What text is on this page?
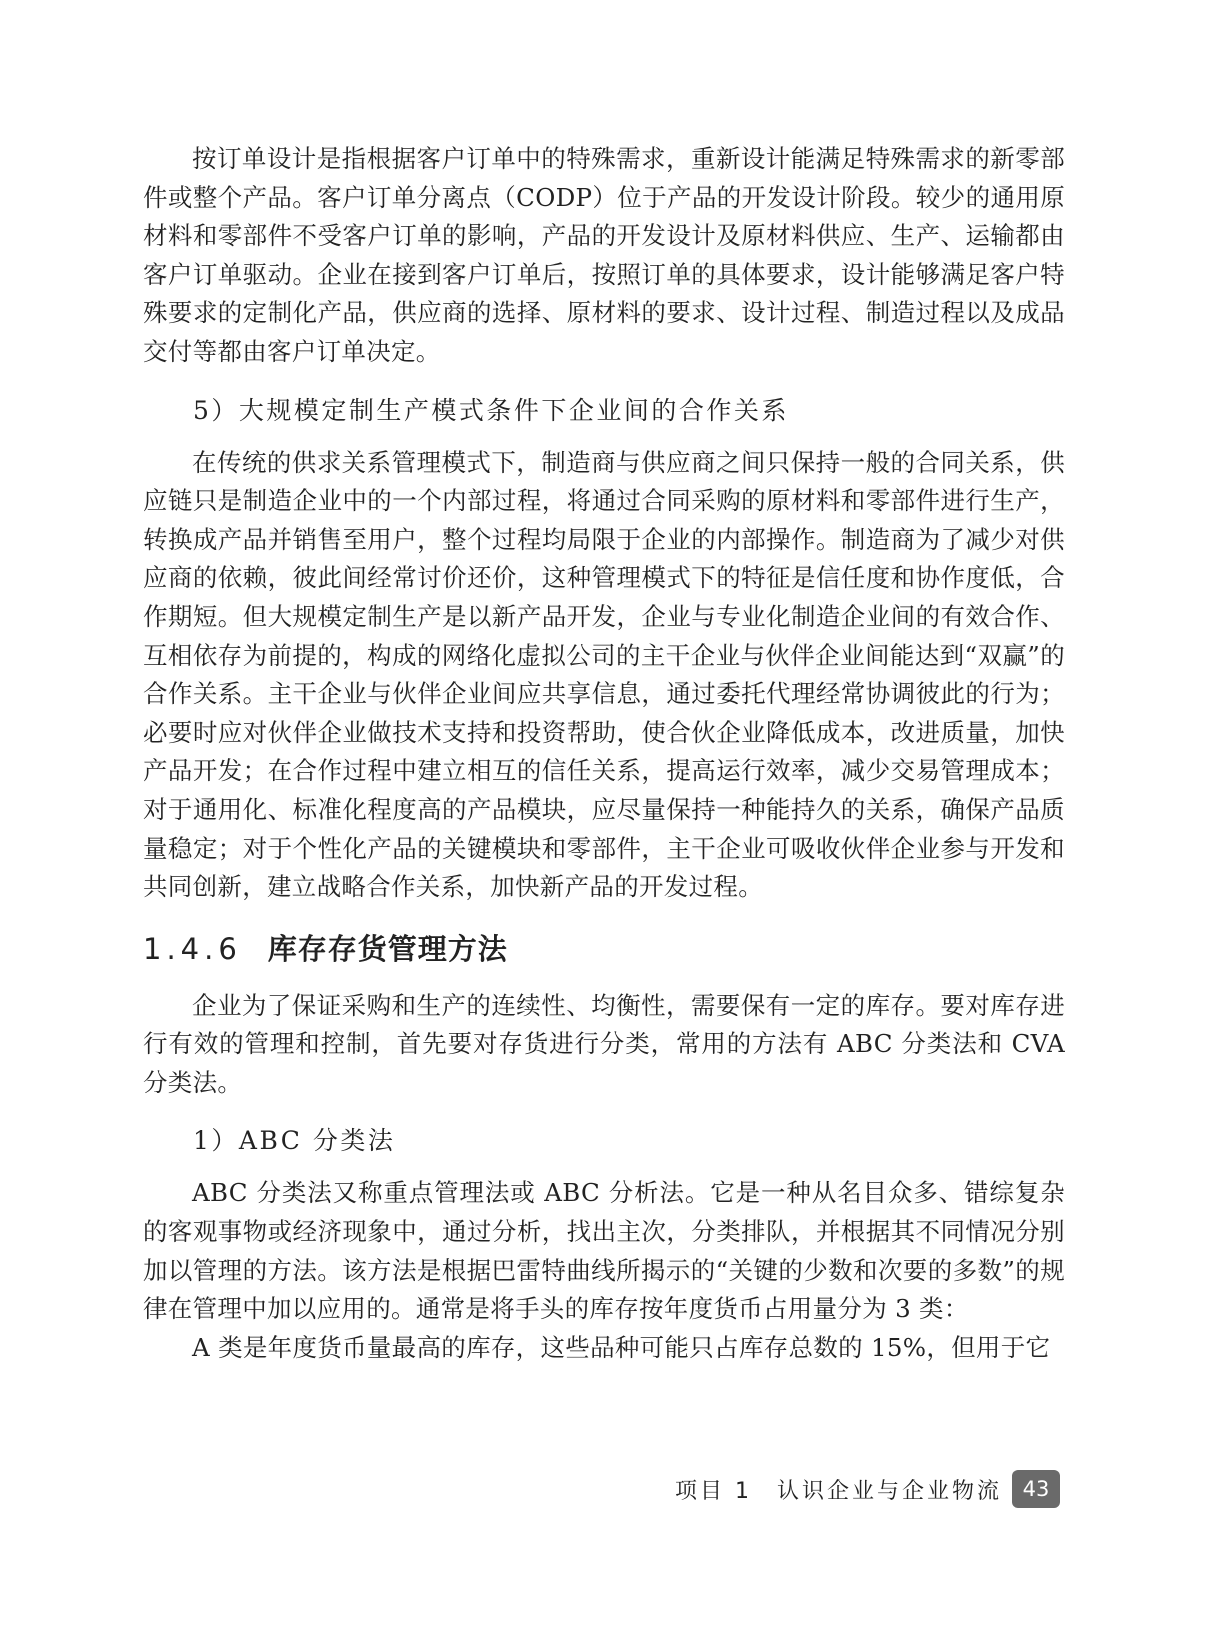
按订单设计是指根据客户订单中的特殊需求，重新设计能满足特殊需求的新零部件或整个产品。客户订单分离点（CODP）位于产品的开发设计阶段。较少的通用原材料和零部件不受客户订单的影响，产品的开发设计及原材料供应、生产、运输都由客户订单驱动。企业在接到客户订单后，按照订单的具体要求，设计能够满足客户特殊要求的定制化产品，供应商的选择、原材料的要求、设计过程、制造过程以及成品交付等都由客户订单决定。

5）大规模定制生产模式条件下企业间的合作关系

在传统的供求关系管理模式下，制造商与供应商之间只保持一般的合同关系，供应链只是制造企业中的一个内部过程，将通过合同采购的原材料和零部件进行生产，转换成产品并销售至用户，整个过程均局限于企业的内部操作。制造商为了减少对供应商的依赖，彼此间经常讨价还价，这种管理模式下的特征是信任度和协作度低，合作期短。但大规模定制生产是以新产品开发，企业与专业化制造企业间的有效合作、互相依存为前提的，构成的网络化虚拟公司的主干企业与伙伴企业间能达到“双赢”的合作关系。主干企业与伙伴企业间应共享信息，通过委托代理经常协调彼此的行为；必要时应对伙伴企业做技术支持和投资帮助，使合伙企业降低成本，改进质量，加快产品开发；在合作过程中建立相互的信任关系，提高运行效率，减少交易管理成本；对于通用化、标准化程度高的产品模块，应尽量保持一种能持久的关系，确保产品质量稳定；对于个性化产品的关键模块和零部件，主干企业可吸收伙伴企业参与开发和共同创新，建立战略合作关系，加快新产品的开发过程。

1.4.6 库存存货管理方法

企业为了保证采购和生产的连续性、均衡性，需要保有一定的库存。要对库存进行有效的管理和控制，首先要对存货进行分类，常用的方法有 ABC 分类法和 CVA 分类法。

1）ABC 分类法

ABC 分类法又称重点管理法或 ABC 分析法。它是一种从名目众多、错综复杂的客观事物或经济现象中，通过分析，找出主次，分类排队，并根据其不同情况分别加以管理的方法。该方法是根据巴雷特曲线所揭示的“关键的少数和次要的多数”的规律在管理中加以应用的。通常是将手头的库存按年度货币占用量分为 3 类：

A 类是年度货币量最高的库存，这些品种可能只占库存总数的 15%，但用于它

项目 1　认识企业与企业物流 43
